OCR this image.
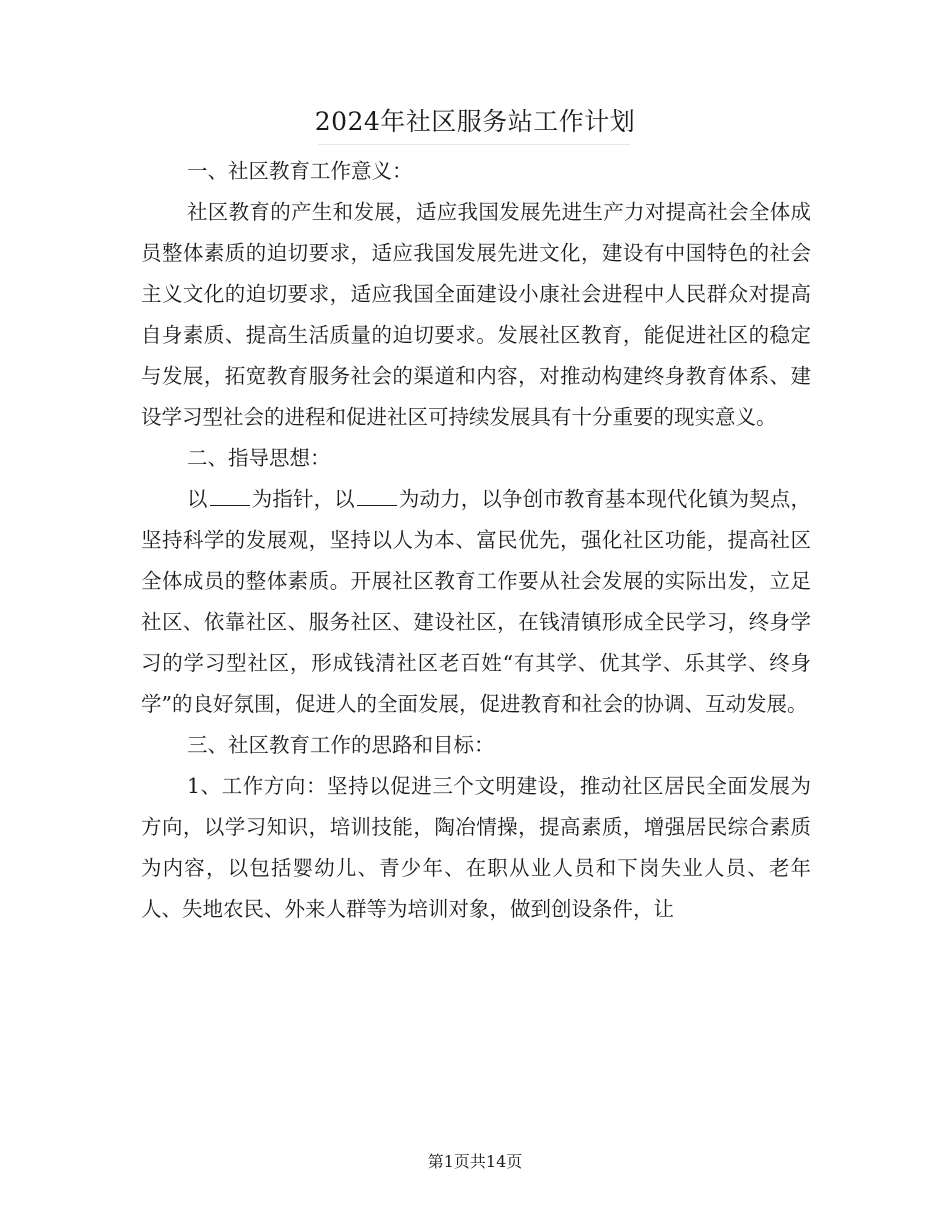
2024年社区服务站工作计划

一、社区教育工作意义：

社区教育的产生和发展，适应我国发展先进生产力对提高社会全体成员整体素质的迫切要求，适应我国发展先进文化，建设有中国特色的社会主义文化的迫切要求，适应我国全面建设小康社会进程中人民群众对提高自身素质、提高生活质量的迫切要求。发展社区教育，能促进社区的稳定与发展，拓宽教育服务社会的渠道和内容，对推动构建终身教育体系、建设学习型社会的进程和促进社区可持续发展具有十分重要的现实意义。

二、指导思想：

以 为指针，以 为动力，以争创市教育基本现代化镇为契点，坚持科学的发展观，坚持以人为本、富民优先，强化社区功能，提高社区全体成员的整体素质。开展社区教育工作要从社会发展的实际出发，立足社区、依靠社区、服务社区、建设社区，在钱清镇形成全民学习，终身学习的学习型社区，形成钱清社区老百姓“有其学、优其学、乐其学、终身学”的良好氛围，促进人的全面发展，促进教育和社会的协调、互动发展。

三、社区教育工作的思路和目标：

1、工作方向：坚持以促进三个文明建设，推动社区居民全面发展为方向，以学习知识，培训技能，陶冶情操，提高素质，增强居民综合素质为内容，以包括婴幼儿、青少年、在职从业人员和下岗失业人员、老年人、失地农民、外来人群等为培训对象，做到创设条件，让

第1页共14页
